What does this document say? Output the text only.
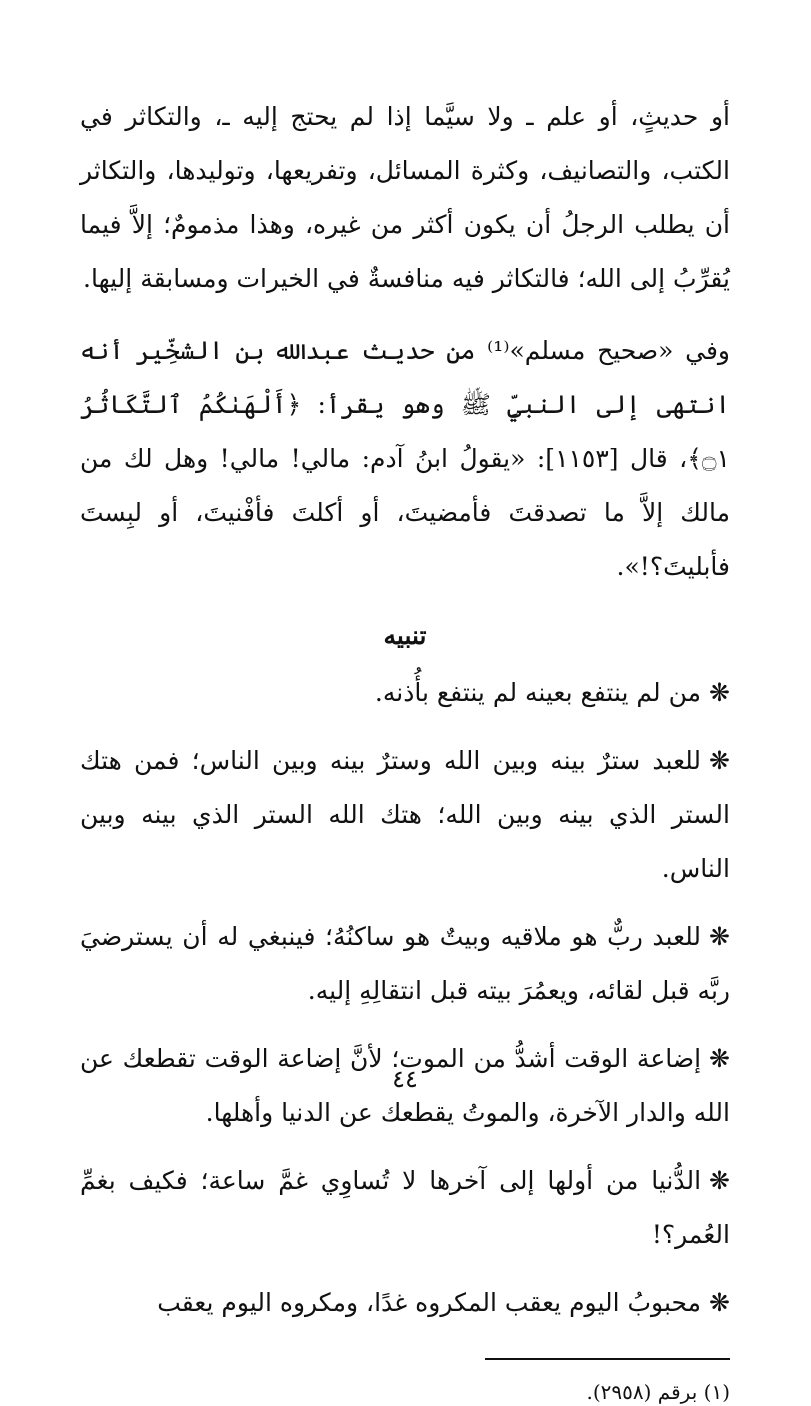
أو حديثٍ، أو علم ـ ولا سيَّما إذا لم يحتج إليه ـ، والتكاثر في الكتب، والتصانيف، وكثرة المسائل، وتفريعها، وتوليدها، والتكاثر أن يطلب الرجلُ أن يكون أكثر من غيره، وهذا مذمومٌ؛ إلاَّ فيما يُقرِّبُ إلى الله؛ فالتكاثر فيه منافسةٌ في الخيرات ومسابقة إليها.

وفي «صحيح مسلم»⁽¹⁾ من حديث عبدالله بن الشخِّير أنه انتهى إلى النبيِّ ﷺ وهو يقرأ: ﴿أَلْهَىٰكُمُ ٱلتَّكَاثُرُ ۝١﴾، قال [١١٥٣]: «يقولُ ابنُ آدم: مالي! مالي! وهل لك من مالك إلاَّ ما تصدقتَ فأمضيتَ، أو أكلتَ فأفْنيتَ، أو لبِستَ فأبليتَ؟!».

تنبيه

❋من لم ينتفع بعينه لم ينتفع بأُذنه.

❋للعبد سترٌ بينه وبين الله وسترٌ بينه وبين الناس؛ فمن هتك الستر الذي بينه وبين الله؛ هتك الله الستر الذي بينه وبين الناس.

❋للعبد ربٌّ هو ملاقيه وبيتٌ هو ساكنُهُ؛ فينبغي له أن يسترضيَ ربَّه قبل لقائه، ويعمُرَ بيته قبل انتقالِهِ إليه.

❋إضاعة الوقت أشدُّ من الموت؛ لأنَّ إضاعة الوقت تقطعك عن الله والدار الآخرة، والموتُ يقطعك عن الدنيا وأهلها.

❋الدُّنيا من أولها إلى آخرها لا تُساوِي غمَّ ساعة؛ فكيف بغمِّ العُمر؟!

❋محبوبُ اليوم يعقب المكروه غدًا، ومكروه اليوم يعقب

(١) برقم (٢٩٥٨).
٤٤
